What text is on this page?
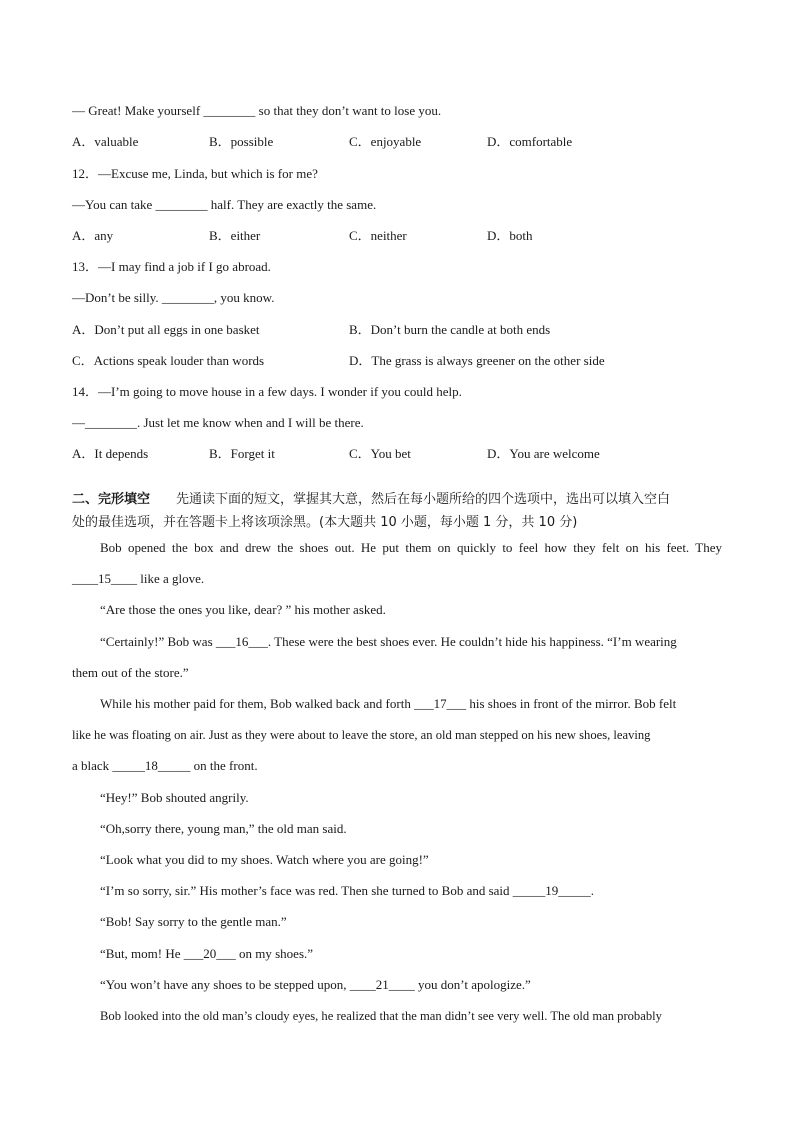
— Great! Make yourself ________ so that they don’t want to lose you.
A．valuable	B．possible	C．enjoyable	D．comfortable
12．—Excuse me, Linda, but which is for me?
—You can take ________ half. They are exactly the same.
A．any	B．either	C．neither	D．both
13．—I may find a job if I go abroad.
—Don’t be silly. ________, you know.
A．Don’t put all eggs in one basket	B．Don’t burn the candle at both ends
C．Actions speak louder than words	D．The grass is always greener on the other side
14．—I’m going to move house in a few days. I wonder if you could help.
—________. Just let me know when and I will be there.
A．It depends	B．Forget it	C．You bet	D．You are welcome
二、完形填空 先通读下面的短文，掌握其大意，然后在每小题所给的四个选项中，选出可以填入空白
处的最佳选项，并在答题卡上将该项涂黑。(本大题共 10 小题，每小题 1 分，共 10 分)
Bob opened the box and drew the shoes out. He put them on quickly to feel how they felt on his feet. They
____15____ like a glove.
“Are those the ones you like, dear? ” his mother asked.
“Certainly!” Bob was ___16___. These were the best shoes ever. He couldn’t hide his happiness. “I’m wearing
them out of the store.”
While his mother paid for them, Bob walked back and forth ___17___ his shoes in front of the mirror. Bob felt
like he was floating on air. Just as they were about to leave the store, an old man stepped on his new shoes, leaving
a black _____18_____ on the front.
“Hey!” Bob shouted angrily.
“Oh,sorry there, young man,” the old man said.
“Look what you did to my shoes. Watch where you are going!”
“I’m so sorry, sir.” His mother’s face was red. Then she turned to Bob and said _____19_____.
“Bob! Say sorry to the gentle man.”
“But, mom! He ___20___ on my shoes.”
“You won’t have any shoes to be stepped upon, ____21____ you don’t apologize.”
Bob looked into the old man’s cloudy eyes, he realized that the man didn’t see very well. The old man probably
